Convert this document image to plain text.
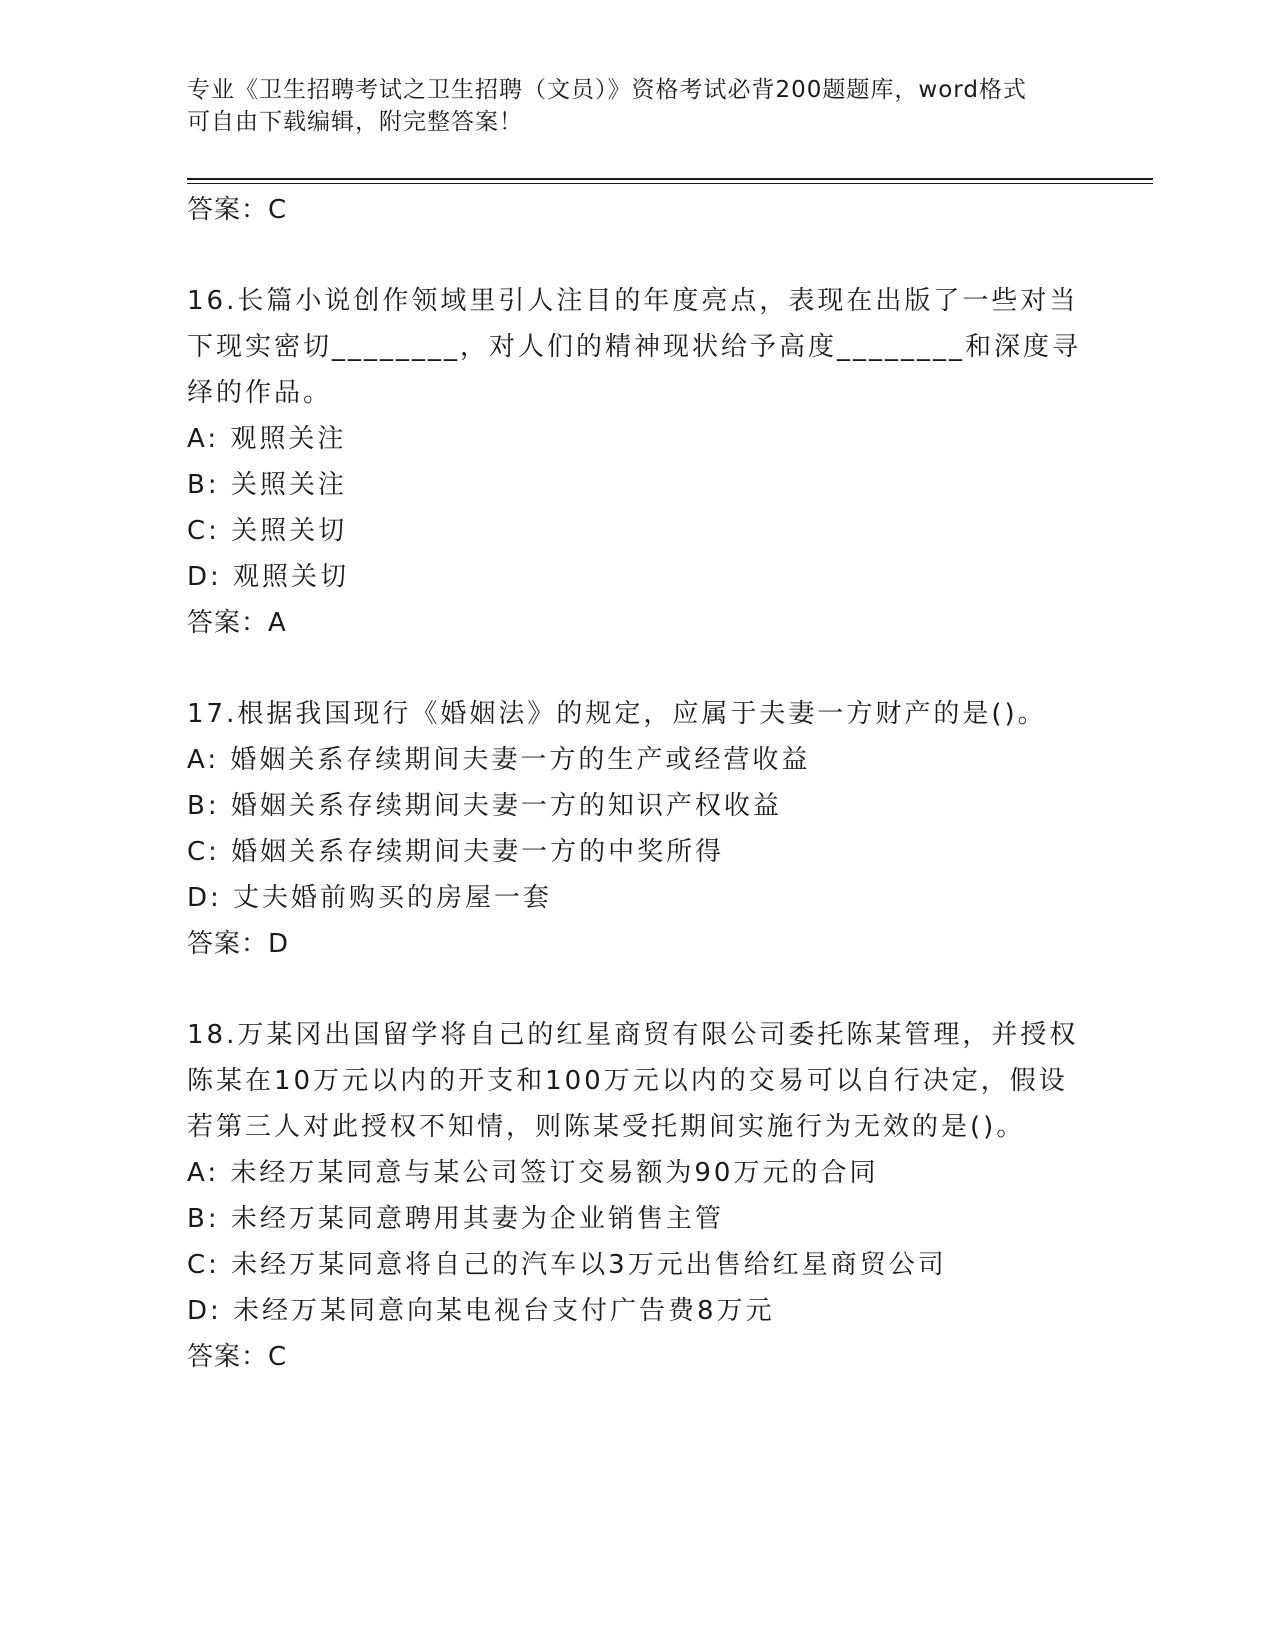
专业《卫生招聘考试之卫生招聘（文员）》资格考试必背200题题库，word格式
可自由下载编辑，附完整答案！
答案：C
16.长篇小说创作领域里引人注目的年度亮点，表现在出版了一些对当
下现实密切________，对人们的精神现状给予高度________和深度寻
绎的作品。
A: 观照关注
B: 关照关注
C: 关照关切
D: 观照关切
答案：A
17.根据我国现行《婚姻法》的规定，应属于夫妻一方财产的是()。
A: 婚姻关系存续期间夫妻一方的生产或经营收益
B: 婚姻关系存续期间夫妻一方的知识产权收益
C: 婚姻关系存续期间夫妻一方的中奖所得
D: 丈夫婚前购买的房屋一套
答案：D
18.万某冈出国留学将自己的红星商贸有限公司委托陈某管理，并授权
陈某在10万元以内的开支和100万元以内的交易可以自行决定，假设
若第三人对此授权不知情，则陈某受托期间实施行为无效的是()。
A: 未经万某同意与某公司签订交易额为90万元的合同
B: 未经万某同意聘用其妻为企业销售主管
C: 未经万某同意将自己的汽车以3万元出售给红星商贸公司
D: 未经万某同意向某电视台支付广告费8万元
答案：C
